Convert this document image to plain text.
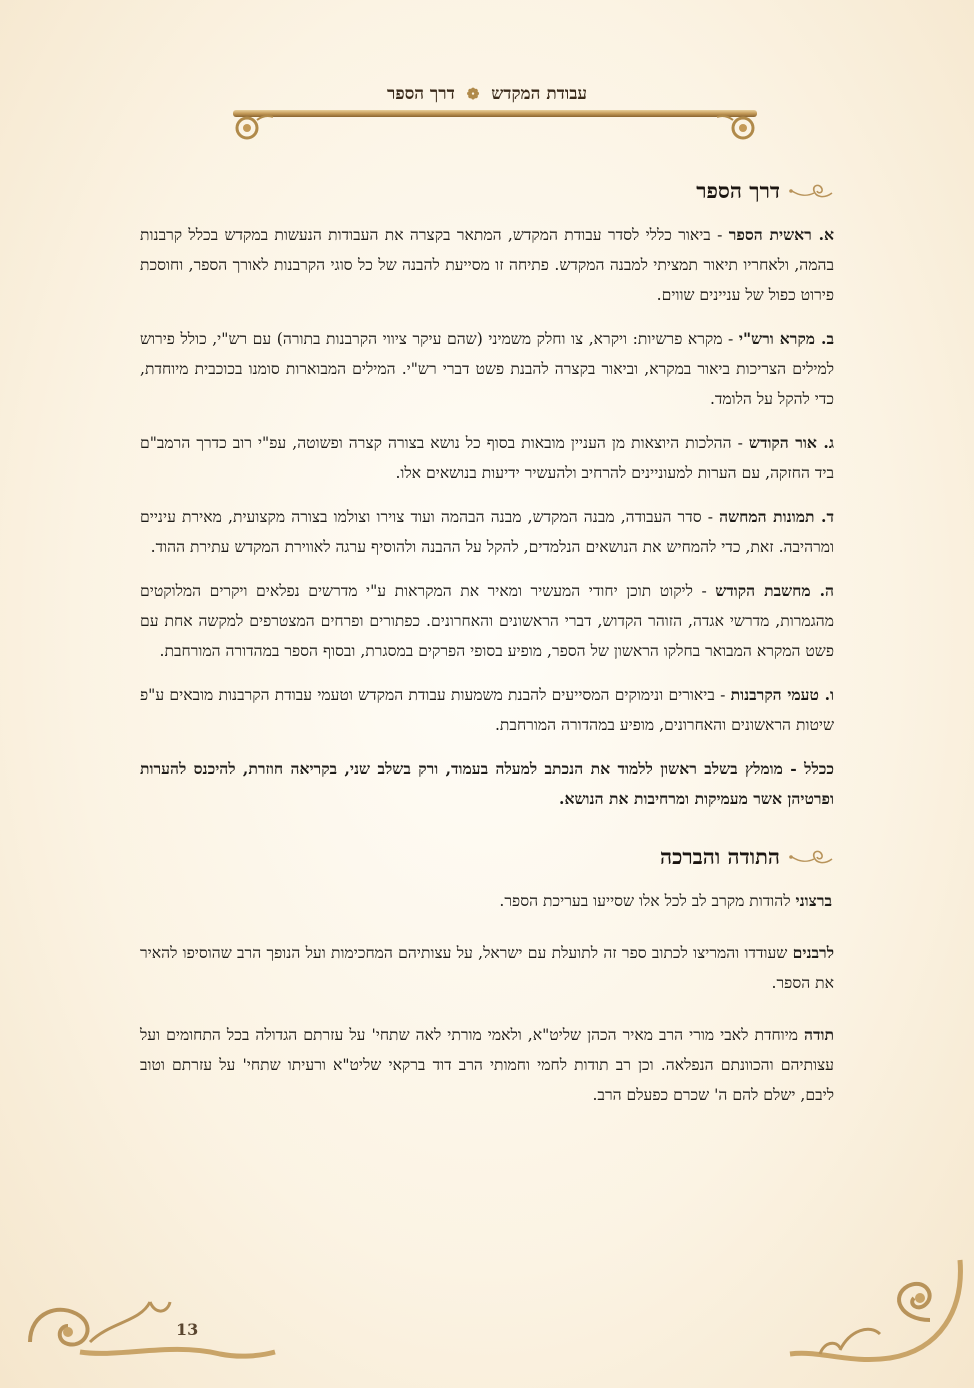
עבודת המקדש ❁ דרך הספר
דרך הספר

א. ראשית הספר - ביאור כללי לסדר עבודת המקדש, המתאר בקצרה את העבודות הנעשות במקדש בכלל קרבנות בהמה, ולאחריו תיאור תמציתי למבנה המקדש. פתיחה זו מסייעת להבנה של כל סוגי הקרבנות לאורך הספר, וחוסכת פירוט כפול של עניינים שווים.

ב. מקרא ורש"י - מקרא פרשיות: ויקרא, צו וחלק משמיני (שהם עיקר ציווי הקרבנות בתורה) עם רש"י, כולל פירוש למילים הצריכות ביאור במקרא, וביאור בקצרה להבנת פשט דברי רש"י. המילים המבוארות סומנו בכוכבית מיוחדת, כדי להקל על הלומד.

ג. אור הקודש - ההלכות היוצאות מן העניין מובאות בסוף כל נושא בצורה קצרה ופשוטה, עפ"י רוב כדרך הרמב"ם ביד החזקה, עם הערות למעוניינים להרחיב ולהעשיר ידיעות בנושאים אלו.

ד. תמונות המחשה - סדר העבודה, מבנה המקדש, מבנה הבהמה ועוד צוירו וצולמו בצורה מקצועית, מאירת עיניים ומרהיבה. זאת, כדי להמחיש את הנושאים הנלמדים, להקל על ההבנה ולהוסיף ערגה לאווירת המקדש עתירת ההוד.

ה. מחשבת הקודש - ליקוט תוכן יחודי המעשיר ומאיר את המקראות ע"י מדרשים נפלאים ויקרים המלוקטים מהגמרות, מדרשי אגדה, הזוהר הקדוש, דברי הראשונים והאחרונים. כפתורים ופרחים המצטרפים למקשה אחת עם פשט המקרא המבואר בחלקו הראשון של הספר, מופיע בסופי הפרקים במסגרת, ובסוף הספר במהדורה המורחבת.

ו. טעמי הקרבנות - ביאורים ונימוקים המסייעים להבנת משמעות עבודת המקדש וטעמי עבודת הקרבנות מובאים ע"פ שיטות הראשונים והאחרונים, מופיע במהדורה המורחבת.

ככלל - מומלץ בשלב ראשון ללמוד את הנכתב למעלה בעמוד, ורק בשלב שני, בקריאה חוזרת, להיכנס להערות ופרטיהן אשר מעמיקות ומרחיבות את הנושא.

התודה והברכה

ברצוני להודות מקרב לב לכל אלו שסייעו בעריכת הספר.

לרבנים שעודדו והמריצו לכתוב ספר זה לתועלת עם ישראל, על עצותיהם המחכימות ועל הנופך הרב שהוסיפו להאיר את הספר.

תודה מיוחדת לאבי מורי הרב מאיר הכהן שליט"א, ולאמי מורתי לאה שתחי' על עזרתם הגדולה בכל התחומים ועל עצותיהם והכוונתם הנפלאה. וכן רב תודות לחמי וחמותי הרב דוד ברקאי שליט"א ורעיתו שתחי' על עזרתם וטוב ליבם, ישלם להם ה' שכרם כפעלם הרב.

13
